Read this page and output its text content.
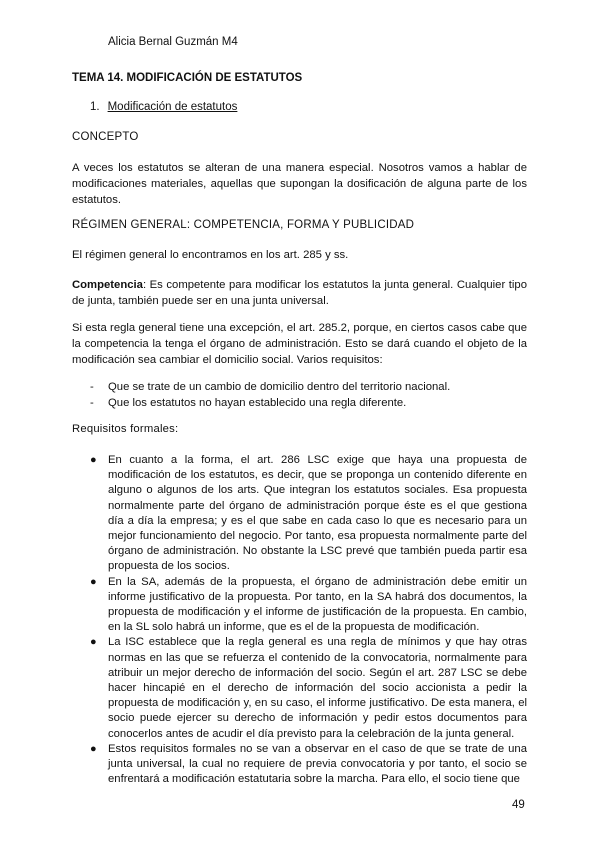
Alicia Bernal Guzmán M4
TEMA 14. MODIFICACIÓN DE ESTATUTOS
1. Modificación de estatutos
CONCEPTO
A veces los estatutos se alteran de una manera especial. Nosotros vamos a hablar de modificaciones materiales, aquellas que supongan la dosificación de alguna parte de los estatutos.
RÉGIMEN GENERAL: COMPETENCIA, FORMA Y PUBLICIDAD
El régimen general lo encontramos en los art. 285 y ss.
Competencia: Es competente para modificar los estatutos la junta general. Cualquier tipo de junta, también puede ser en una junta universal.
Si esta regla general tiene una excepción, el art. 285.2, porque, en ciertos casos cabe que la competencia la tenga el órgano de administración. Esto se dará cuando el objeto de la modificación sea cambiar el domicilio social. Varios requisitos:
-	Que se trate de un cambio de domicilio dentro del territorio nacional.
-	Que los estatutos no hayan establecido una regla diferente.
Requisitos formales:
●	En cuanto a la forma, el art. 286 LSC exige que haya una propuesta de modificación de los estatutos, es decir, que se proponga un contenido diferente en alguno o algunos de los arts. Que integran los estatutos sociales. Esa propuesta normalmente parte del órgano de administración porque éste es el que gestiona día a día la empresa; y es el que sabe en cada caso lo que es necesario para un mejor funcionamiento del negocio. Por tanto, esa propuesta normalmente parte del órgano de administración. No obstante la LSC prevé que también pueda partir esa propuesta de los socios.
●	En la SA, además de la propuesta, el órgano de administración debe emitir un informe justificativo de la propuesta. Por tanto, en la SA habrá dos documentos, la propuesta de modificación y el informe de justificación de la propuesta. En cambio, en la SL solo habrá un informe, que es el de la propuesta de modificación.
●	La ISC establece que la regla general es una regla de mínimos y que hay otras normas en las que se refuerza el contenido de la convocatoria, normalmente para atribuir un mejor derecho de información del socio. Según el art. 287 LSC se debe hacer hincapié en el derecho de información del socio accionista a pedir la propuesta de modificación y, en su caso, el informe justificativo. De esta manera, el socio puede ejercer su derecho de información y pedir estos documentos para conocerlos antes de acudir el día previsto para la celebración de la junta general.
●	Estos requisitos formales no se van a observar en el caso de que se trate de una junta universal, la cual no requiere de previa convocatoria y por tanto, el socio se enfrentará a modificación estatutaria sobre la marcha. Para ello, el socio tiene que
49
